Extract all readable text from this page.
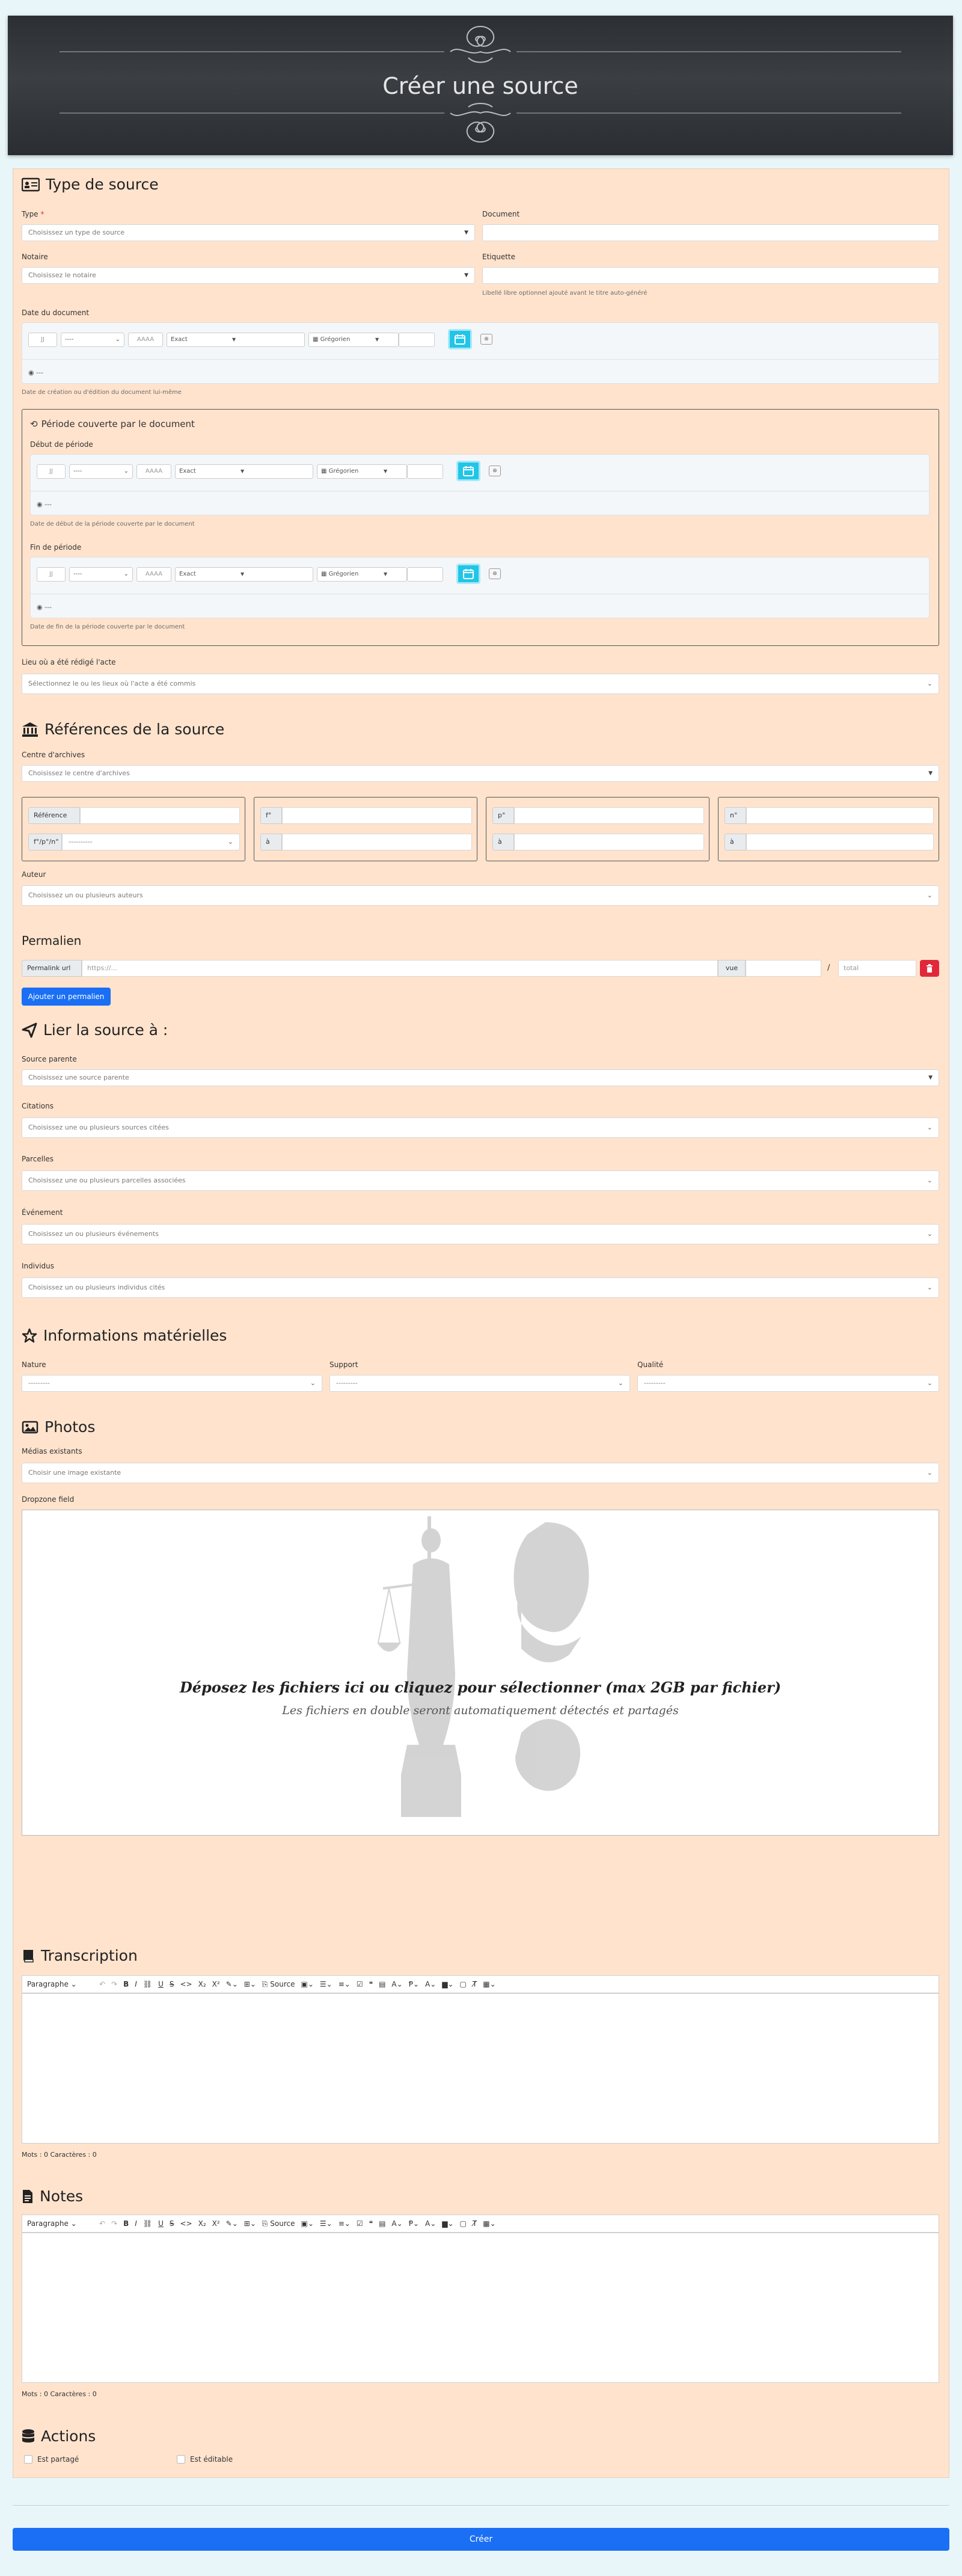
Créer une source
Type de source
Type *
Choisissez un type de source	▼
Document
Notaire
Choisissez le notaire	▼
Etiquette
Libellé libre optionnel ajouté avant le titre auto-généré
Date du document
JJ	----	⌄	AAAA	Exact	▼	▦ Grégorien	▼	⊗
◉ ---
Date de création ou d'édition du document lui-même
⟲ Période couverte par le document
Début de période
JJ	----	⌄	AAAA	Exact	▼	▦ Grégorien	▼	⊗
◉ ---
Date de début de la période couverte par le document
Fin de période
JJ	----	⌄	AAAA	Exact	▼	▦ Grégorien	▼	⊗
◉ ---
Date de fin de la période couverte par le document
Lieu où a été rédigé l'acte
Sélectionnez le ou les lieux où l'acte a été commis	⌄
Références de la source
Centre d'archives
Choisissez le centre d'archives	▼
Référence
f°/p°/n°	----------	⌄
f°
à
p°
à
n°
à
Auteur
Choisissez un ou plusieurs auteurs	⌄
Permalien
Permalink url	https://...	vue	/	total
Ajouter un permalien
Lier la source à :
Source parente
Choisissez une source parente	▼
Citations
Choisissez une ou plusieurs sources citées	⌄
Parcelles
Choisissez une ou plusieurs parcelles associées	⌄
Événement
Choisissez un ou plusieurs événements	⌄
Individus
Choisissez un ou plusieurs individus cités	⌄
Informations matérielles
Nature
---------	⌄
Support
---------	⌄
Qualité
---------	⌄
Photos
Médias existants
Choisir une image existante	⌄
Dropzone field
Déposez les fichiers ici ou cliquez pour sélectionner (max 2GB par fichier)
Les fichiers en double seront automatiquement détectés et partagés
Transcription
Paragraphe ⌄	↶ ↷ B I ⛓ U S <> X₂ X² ✎⌄ ⊞⌄ ⎘ Source ▣⌄ ☰⌄ ≡⌄ ☑ ❝ ▤ A⌄ Ᵽ⌄ A⌄ ▆⌄ ▢ T̸ ▦⌄
Mots : 0 Caractères : 0
Notes
Paragraphe ⌄	↶ ↷ B I ⛓ U S <> X₂ X² ✎⌄ ⊞⌄ ⎘ Source ▣⌄ ☰⌄ ≡⌄ ☑ ❝ ▤ A⌄ Ᵽ⌄ A⌄ ▆⌄ ▢ T̸ ▦⌄
Mots : 0 Caractères : 0
Actions
Est partagé	Est éditable
Créer
